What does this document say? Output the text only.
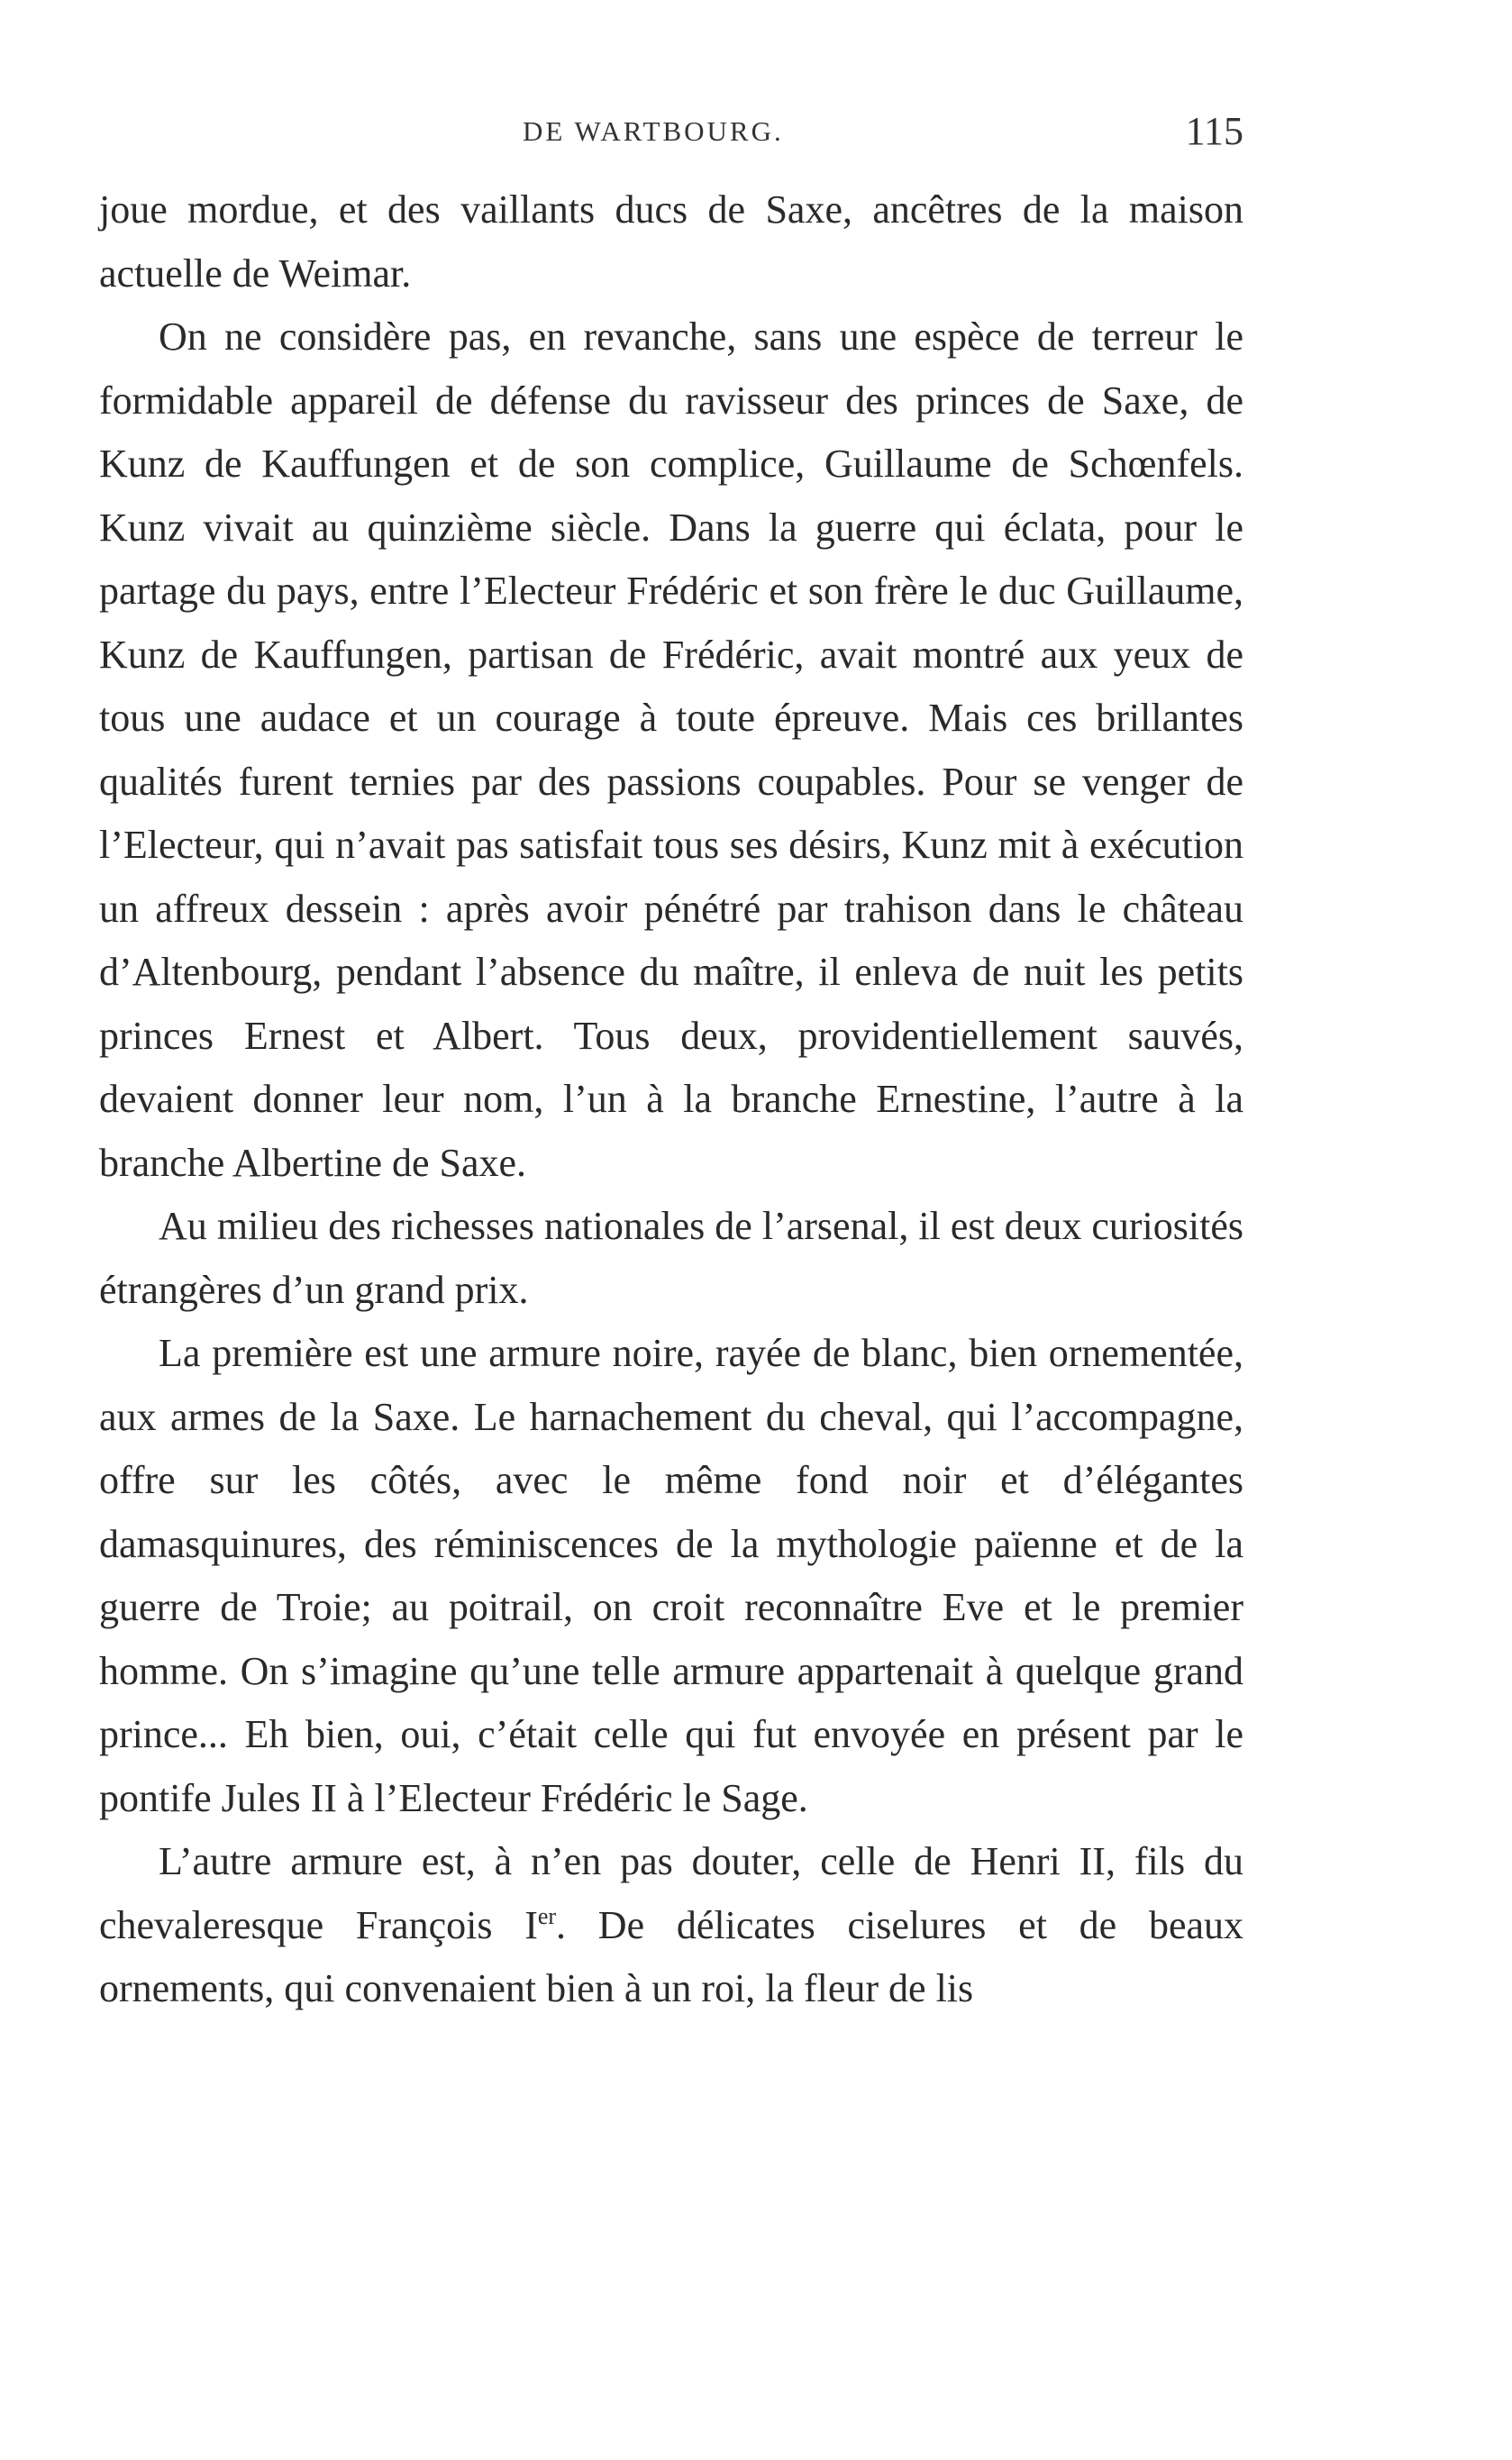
DE WARTBOURG.	115

joue mordue, et des vaillants ducs de Saxe, ancêtres de la maison actuelle de Weimar.

On ne considère pas, en revanche, sans une espèce de terreur le formidable appareil de défense du ravisseur des princes de Saxe, de Kunz de Kauffungen et de son complice, Guillaume de Schœnfels. Kunz vivait au quinzième siècle. Dans la guerre qui éclata, pour le partage du pays, entre l’Electeur Frédéric et son frère le duc Guillaume, Kunz de Kauffungen, partisan de Frédéric, avait montré aux yeux de tous une audace et un courage à toute épreuve. Mais ces brillantes qualités furent ternies par des passions coupables. Pour se venger de l’Electeur, qui n’avait pas satisfait tous ses désirs, Kunz mit à exécution un affreux dessein : après avoir pénétré par trahison dans le château d’Altenbourg, pendant l’absence du maître, il enleva de nuit les petits princes Ernest et Albert. Tous deux, providentiellement sauvés, devaient donner leur nom, l’un à la branche Ernestine, l’autre à la branche Albertine de Saxe.

Au milieu des richesses nationales de l’arsenal, il est deux curiosités étrangères d’un grand prix.

La première est une armure noire, rayée de blanc, bien ornementée, aux armes de la Saxe. Le harnachement du cheval, qui l’accompagne, offre sur les côtés, avec le même fond noir et d’élégantes damasquinures, des réminiscences de la mythologie païenne et de la guerre de Troie; au poitrail, on croit reconnaître Eve et le premier homme. On s’imagine qu’une telle armure appartenait à quelque grand prince... Eh bien, oui, c’était celle qui fut envoyée en présent par le pontife Jules II à l’Electeur Frédéric le Sage.

L’autre armure est, à n’en pas douter, celle de Henri II, fils du chevaleresque François Ier. De délicates ciselures et de beaux ornements, qui convenaient bien à un roi, la fleur de lis
